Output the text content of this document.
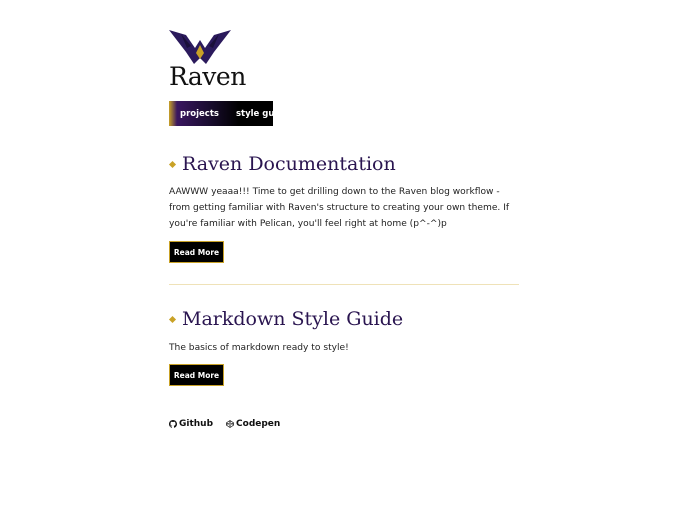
Raven
projects style guide
Raven Documentation
AAWWW yeaaa!!! Time to get drilling down to the Raven blog workflow - from getting familiar with Raven's structure to creating your own theme. If you're familiar with Pelican, you'll feel right at home (p^-^)p
Read More
Markdown Style Guide
The basics of markdown ready to style!
Read More
Github	Codepen
